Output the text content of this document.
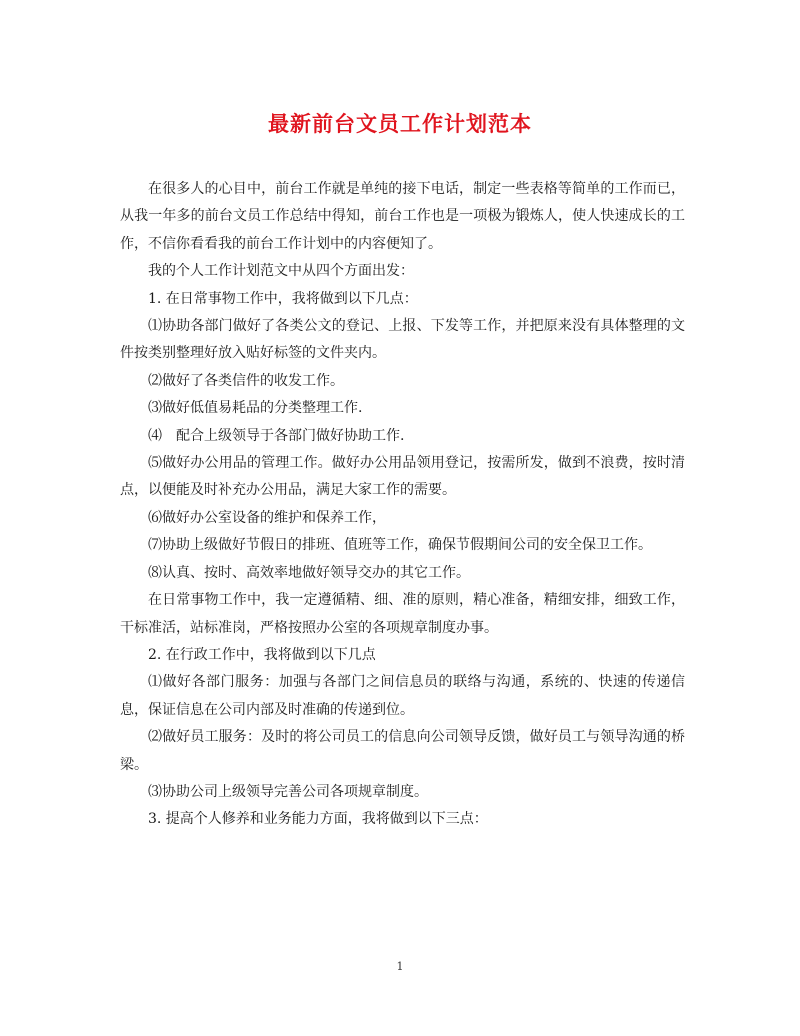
最新前台文员工作计划范本

在很多人的心目中，前台工作就是单纯的接下电话，制定一些表格等简单的工作而已，从我一年多的前台文员工作总结中得知，前台工作也是一项极为锻炼人，使人快速成长的工作，不信你看看我的前台工作计划中的内容便知了。

我的个人工作计划范文中从四个方面出发：

1. 在日常事物工作中，我将做到以下几点：

⑴协助各部门做好了各类公文的登记、上报、下发等工作，并把原来没有具体整理的文件按类别整理好放入贴好标签的文件夹内。

⑵做好了各类信件的收发工作。

⑶做好低值易耗品的分类整理工作.

⑷　配合上级领导于各部门做好协助工作.

⑸做好办公用品的管理工作。做好办公用品领用登记，按需所发，做到不浪费，按时清点，以便能及时补充办公用品，满足大家工作的需要。

⑹做好办公室设备的维护和保养工作，

⑺协助上级做好节假日的排班、值班等工作，确保节假期间公司的安全保卫工作。

⑻认真、按时、高效率地做好领导交办的其它工作。

在日常事物工作中，我一定遵循精、细、准的原则，精心准备，精细安排，细致工作，干标准活，站标准岗，严格按照办公室的各项规章制度办事。

2. 在行政工作中，我将做到以下几点

⑴做好各部门服务：加强与各部门之间信息员的联络与沟通，系统的、快速的传递信息，保证信息在公司内部及时准确的传递到位。

⑵做好员工服务：及时的将公司员工的信息向公司领导反馈，做好员工与领导沟通的桥梁。

⑶协助公司上级领导完善公司各项规章制度。

3. 提高个人修养和业务能力方面，我将做到以下三点：

1
